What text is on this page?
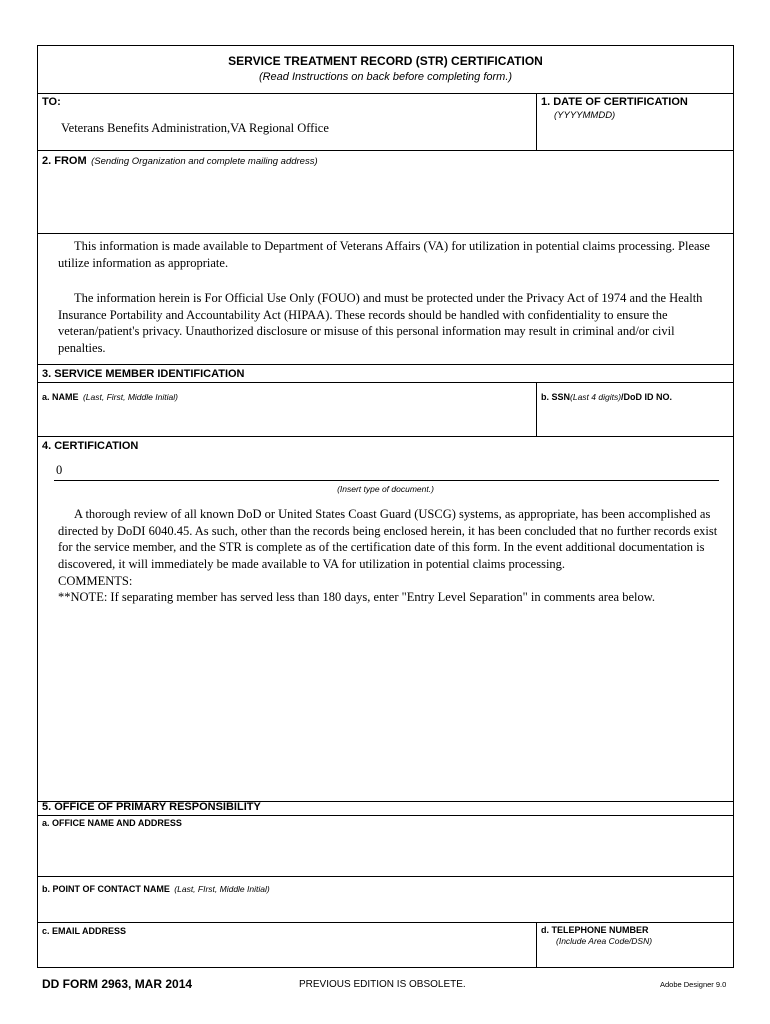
SERVICE TREATMENT RECORD (STR) CERTIFICATION
(Read Instructions on back before completing form.)
TO:
Veterans Benefits Administration,VA Regional Office
1. DATE OF CERTIFICATION
(YYYYMMDD)
2. FROM (Sending Organization and complete mailing address)

This information is made available to Department of Veterans Affairs (VA) for utilization in potential claims processing. Please utilize information as appropriate.

The information herein is For Official Use Only (FOUO) and must be protected under the Privacy Act of 1974 and the Health Insurance Portability and Accountability Act (HIPAA). These records should be handled with confidentiality to ensure the veteran/patient's privacy. Unauthorized disclosure or misuse of this personal information may result in criminal and/or civil penalties.

3. SERVICE MEMBER IDENTIFICATION
a. NAME (Last, First, Middle Initial)	b. SSN(Last 4 digits)/DoD ID NO.
4. CERTIFICATION
0
(Insert type of document.)

A thorough review of all known DoD or United States Coast Guard (USCG) systems, as appropriate, has been accomplished as directed by DoDI 6040.45. As such, other than the records being enclosed herein, it has been concluded that no further records exist for the service member, and the STR is complete as of the certification date of this form. In the event additional documentation is discovered, it will immediately be made available to VA for utilization in potential claims processing.

COMMENTS:
**NOTE: If separating member has served less than 180 days, enter "Entry Level Separation" in comments area below.
5. OFFICE OF PRIMARY RESPONSIBILITY
a. OFFICE NAME AND ADDRESS
b. POINT OF CONTACT NAME (Last, FIrst, Middle Initial)
c. EMAIL ADDRESS	d. TELEPHONE NUMBER
(Include Area Code/DSN)
DD FORM 2963, MAR 2014	PREVIOUS EDITION IS OBSOLETE.	Adobe Designer 9.0
